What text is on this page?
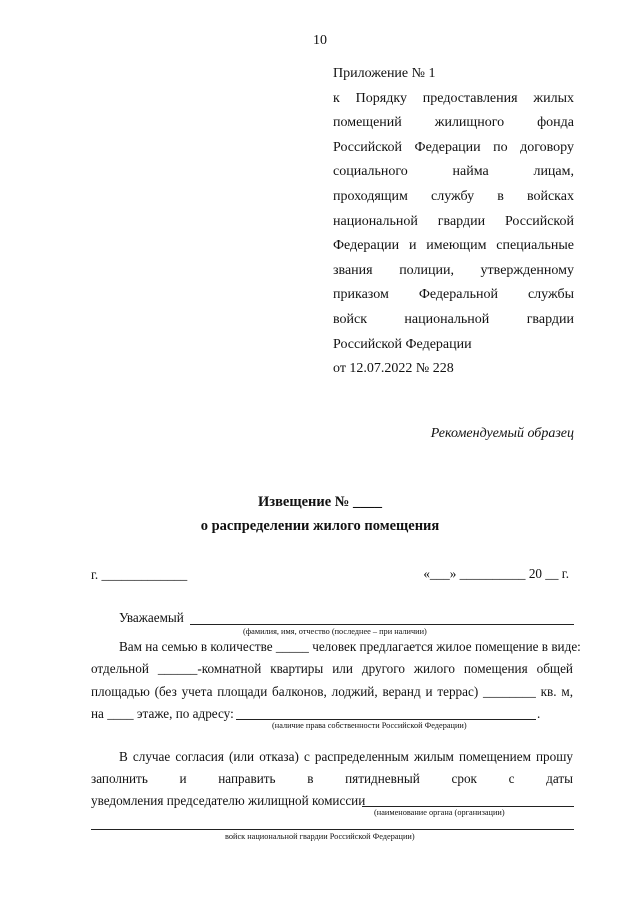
10
Приложение № 1
к Порядку предоставления жилых
помещений жилищного фонда
Российской Федерации по договору
социального найма лицам,
проходящим службу в войсках
национальной гвардии Российской
Федерации и имеющим специальные
звания полиции, утвержденному
приказом Федеральной службы
войск национальной гвардии
Российской Федерации
от 12.07.2022 № 228
Рекомендуемый образец
Извещение № ____
о распределении жилого помещения
г. _____________	«___» __________ 20 __ г.
Уважаемый
(фамилия, имя, отчество (последнее – при наличии)
Вам на семью в количестве _____ человек предлагается жилое помещение в виде:
отдельной ______-комнатной квартиры или другого жилого помещения общей
площадью (без учета площади балконов, лоджий, веранд и террас) ________ кв. м,
на ____ этаже, по адресу:	.
(наличие права собственности Российской Федерации)
В случае согласия (или отказа) с распределенным жилым помещением прошу
заполнить и направить в пятидневный срок с даты
уведомления председателю жилищной комиссии
(наименование органа (организации)
войск национальной гвардии Российской Федерации)
